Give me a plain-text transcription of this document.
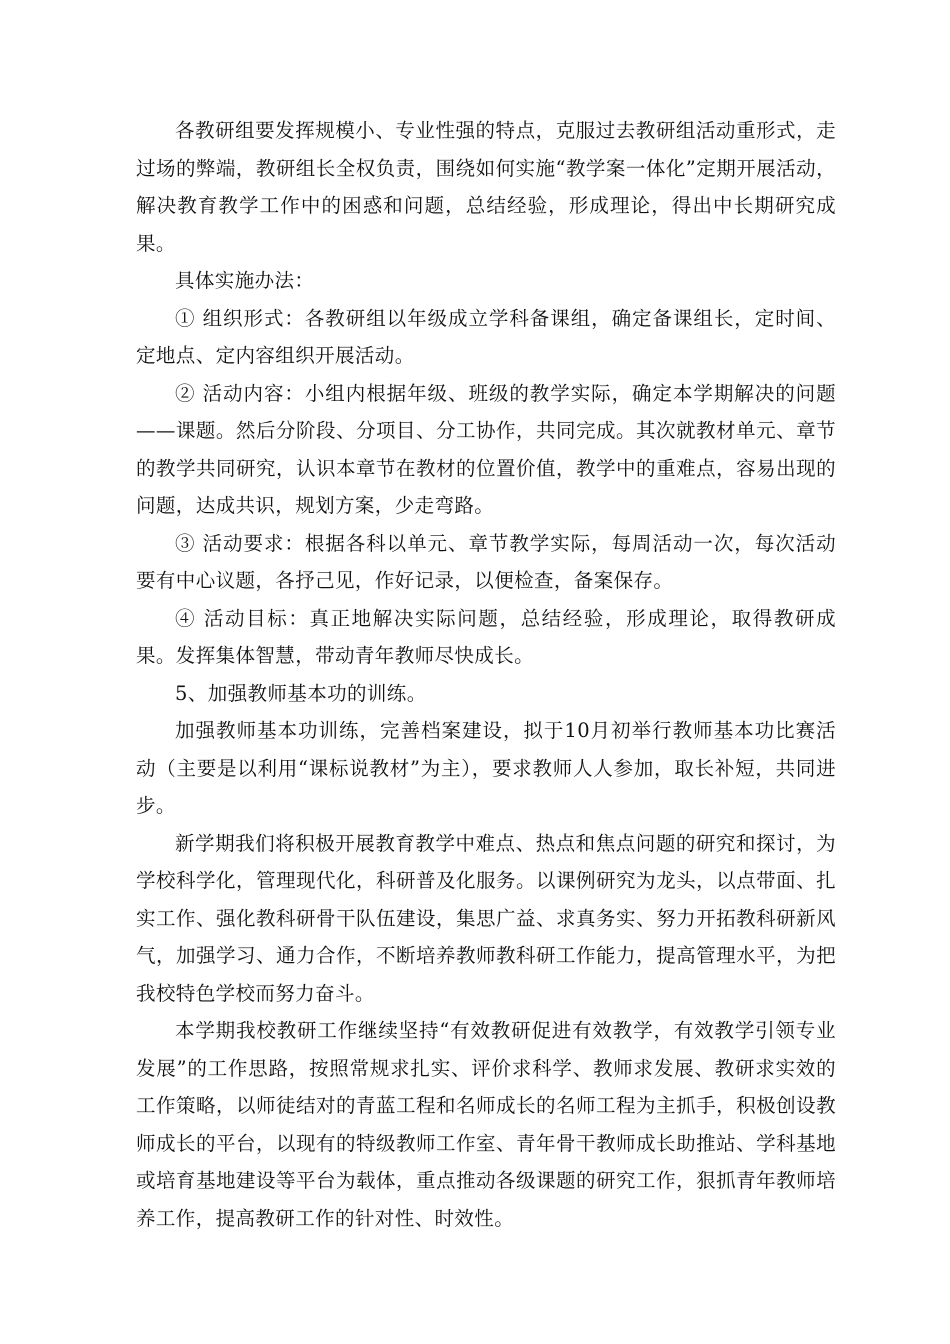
各教研组要发挥规模小、专业性强的特点，克服过去教研组活动重形式，走过场的弊端，教研组长全权负责，围绕如何实施“教学案一体化”定期开展活动，解决教育教学工作中的困惑和问题，总结经验，形成理论，得出中长期研究成果。

具体实施办法：

① 组织形式：各教研组以年级成立学科备课组，确定备课组长，定时间、定地点、定内容组织开展活动。

② 活动内容：小组内根据年级、班级的教学实际，确定本学期解决的问题——课题。然后分阶段、分项目、分工协作，共同完成。其次就教材单元、章节的教学共同研究，认识本章节在教材的位置价值，教学中的重难点，容易出现的问题，达成共识，规划方案，少走弯路。

③ 活动要求：根据各科以单元、章节教学实际，每周活动一次，每次活动要有中心议题，各抒己见，作好记录，以便检查，备案保存。

④ 活动目标：真正地解决实际问题，总结经验，形成理论，取得教研成果。发挥集体智慧，带动青年教师尽快成长。

5、加强教师基本功的训练。

加强教师基本功训练，完善档案建设，拟于10月初举行教师基本功比赛活动（主要是以利用“课标说教材”为主），要求教师人人参加，取长补短，共同进步。

新学期我们将积极开展教育教学中难点、热点和焦点问题的研究和探讨，为学校科学化，管理现代化，科研普及化服务。以课例研究为龙头，以点带面、扎实工作、强化教科研骨干队伍建设，集思广益、求真务实、努力开拓教科研新风气，加强学习、通力合作，不断培养教师教科研工作能力，提高管理水平，为把我校特色学校而努力奋斗。

本学期我校教研工作继续坚持“有效教研促进有效教学，有效教学引领专业发展”的工作思路，按照常规求扎实、评价求科学、教师求发展、教研求实效的工作策略，以师徒结对的青蓝工程和名师成长的名师工程为主抓手，积极创设教师成长的平台，以现有的特级教师工作室、青年骨干教师成长助推站、学科基地或培育基地建设等平台为载体，重点推动各级课题的研究工作，狠抓青年教师培养工作，提高教研工作的针对性、时效性。
